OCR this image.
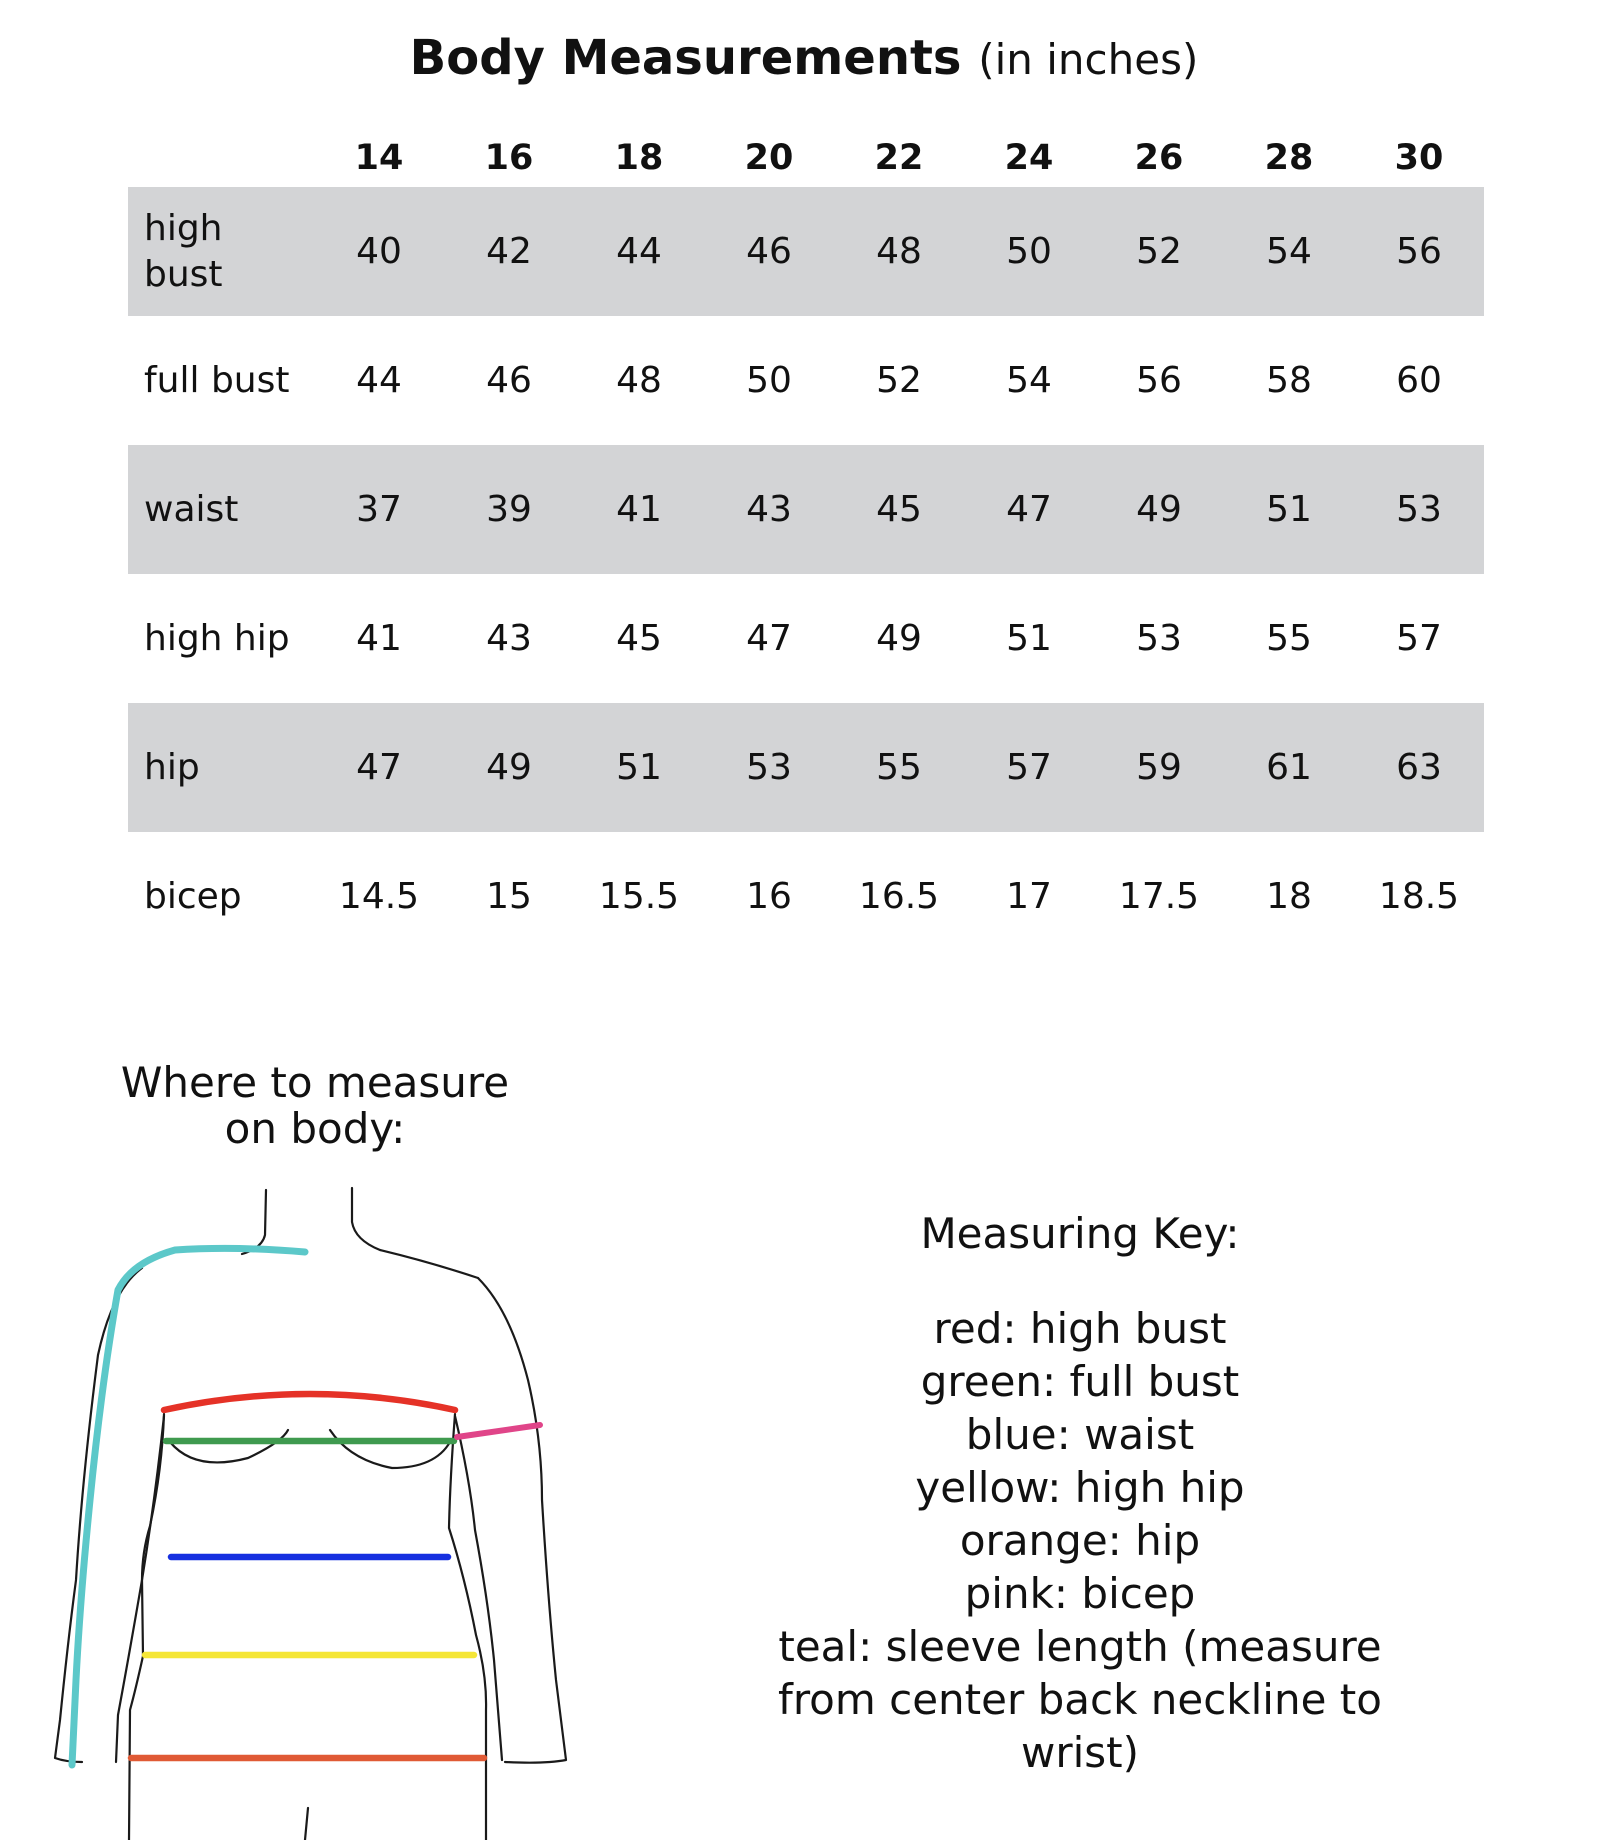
Body Measurements (in inches)
	14	16	18	20	22	24	26	28	30
high
bust	40	42	44	46	48	50	52	54	56
full bust	44	46	48	50	52	54	56	58	60
waist	37	39	41	43	45	47	49	51	53
high hip	41	43	45	47	49	51	53	55	57
hip	47	49	51	53	55	57	59	61	63
bicep	14.5	15	15.5	16	16.5	17	17.5	18	18.5
Where to measure
on body:
Measuring Key:
red: high bust
green: full bust
blue: waist
yellow: high hip
orange: hip
pink: bicep
teal: sleeve length (measure
from center back neckline to
wrist)
